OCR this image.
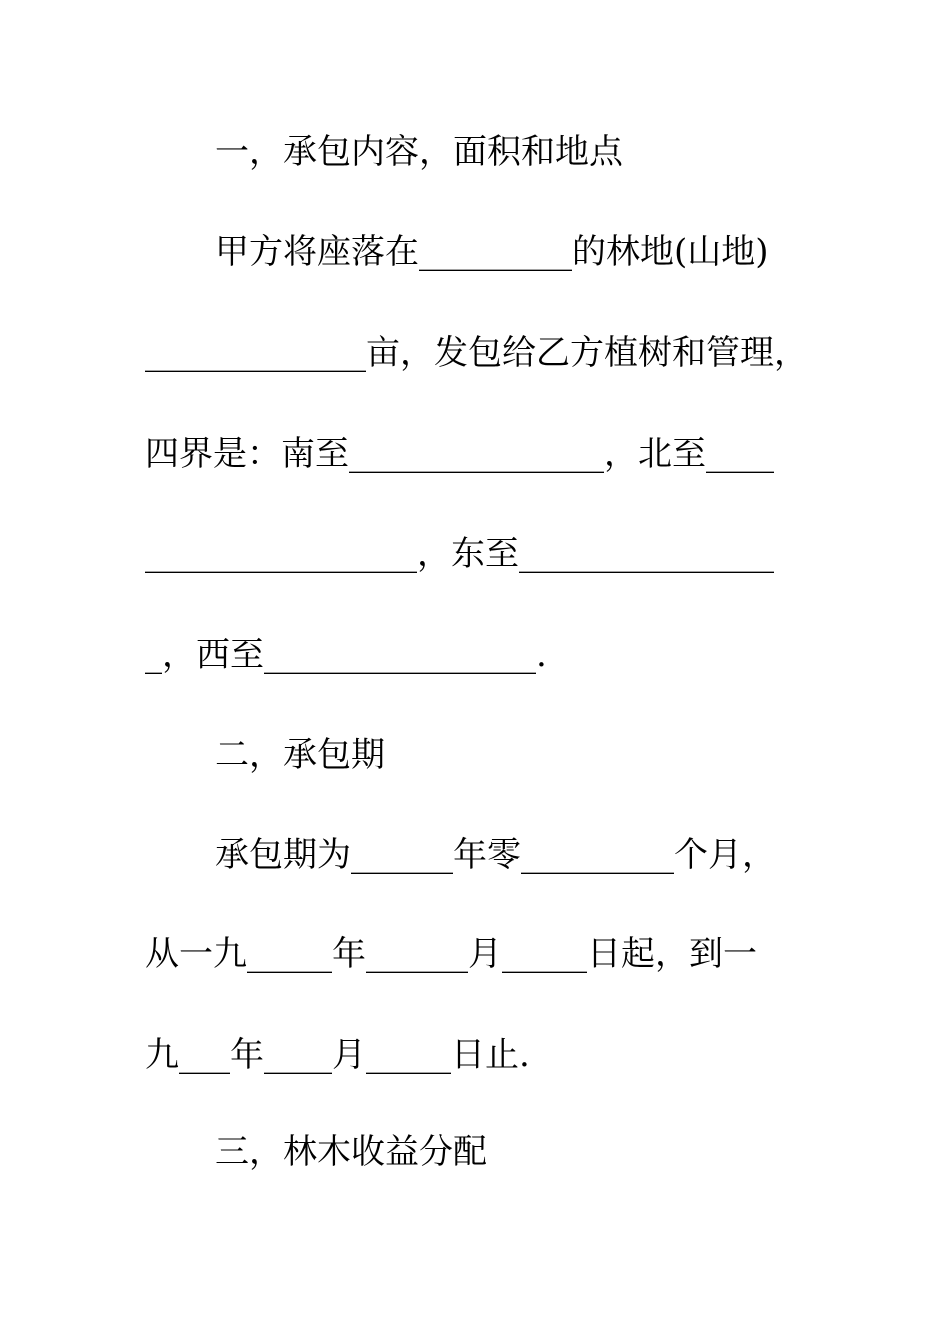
一，承包内容，面积和地点
甲方将座落在_________的林地(山地)
_____________亩，发包给乙方植树和管理，
四界是：南至_______________，北至____
________________，东至_______________
_，西至________________.
二，承包期
承包期为______年零_________个月，
从一九_____年______月_____日起，到一
九___年____月_____日止.
三，林木收益分配
